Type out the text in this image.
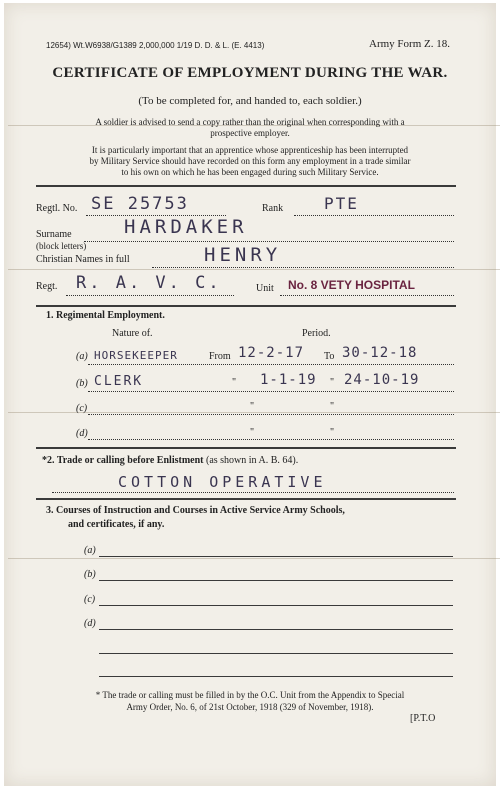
12654) Wt.W6938/G1389 2,000,000 1/19 D. D. & L. (E. 4413)	Army Form Z. 18.
CERTIFICATE OF EMPLOYMENT DURING THE WAR.
(To be completed for, and handed to, each soldier.)
A soldier is advised to send a copy rather than the original when corresponding with a
prospective employer.
It is particularly important that an apprentice whose apprenticeship has been interrupted
by Military Service should have recorded on this form any employment in a trade similar
to his own on which he has been engaged during such Military Service.
Regtl. No. SE 25753	Rank	PTE
Surname	HARDAKER
(block letters)
Christian Names in full	HENRY
Regt. R. A. V. C.	Unit No. 8 VETY HOSPITAL
1. Regimental Employment.
Nature of.	Period.
(a) HORSEKEEPER	From 12-2-17 To 30-12-18
(b) CLERK	" 1-1-19 " 24-10-19
(c)	"	"
(d)	"	"
*2. Trade or calling before Enlistment (as shown in A. B. 64).
COTTON OPERATIVE
3. Courses of Instruction and Courses in Active Service Army Schools,
and certificates, if any.
(a)
(b)
(c)
(d)
* The trade or calling must be filled in by the O.C. Unit from the Appendix to Special
Army Order, No. 6, of 21st October, 1918 (329 of November, 1918).
[P.T.O
